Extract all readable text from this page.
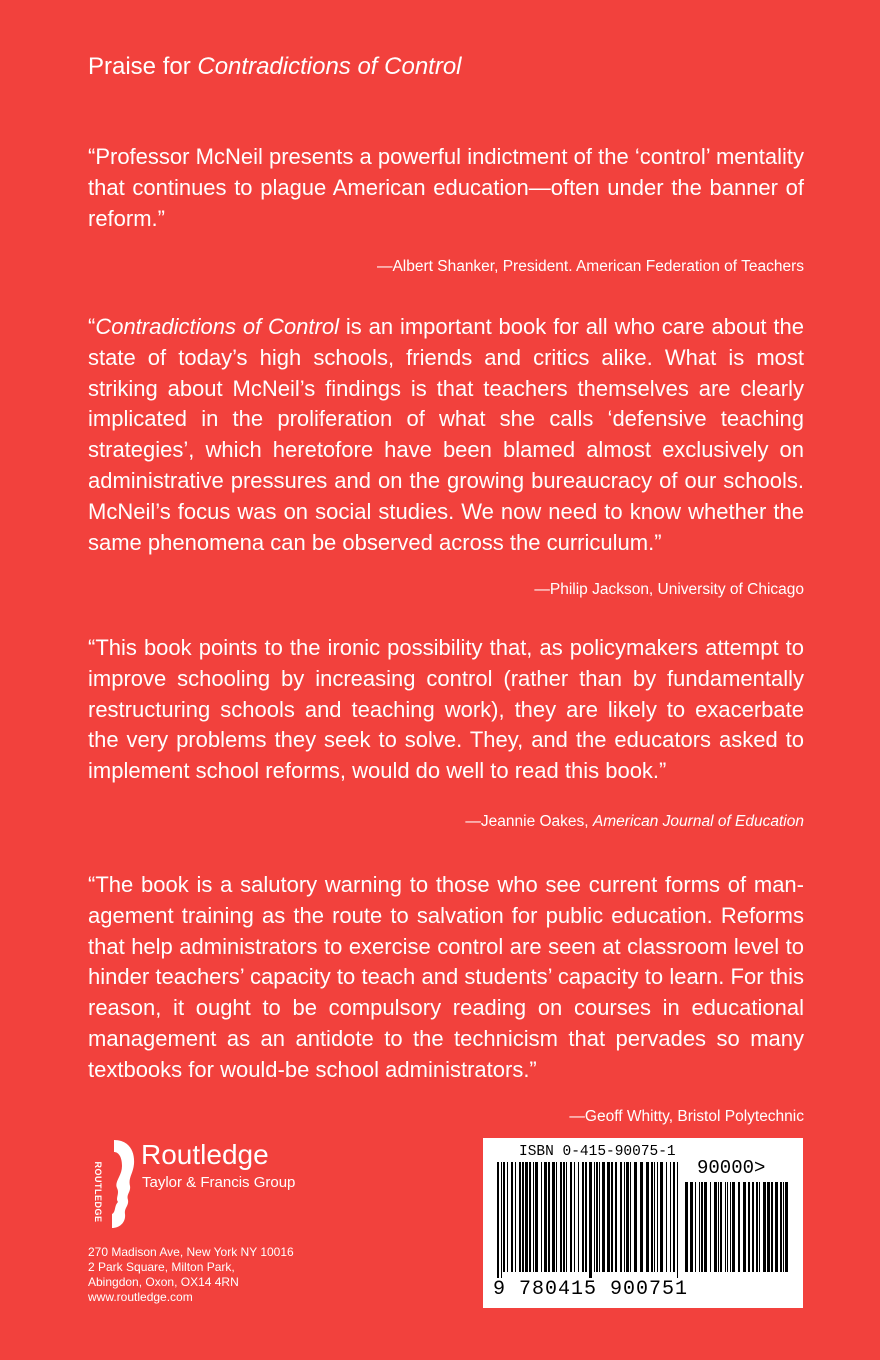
Praise for Contradictions of Control

“Professor McNeil presents a powerful indictment of the ‘control’ mentality that continues to plague American education—often under the banner of reform.”

—Albert Shanker, President. American Federation of Teachers

“Contradictions of Control is an important book for all who care about the state of today’s high schools, friends and critics alike. What is most striking about McNeil’s findings is that teachers themselves are clearly implicated in the proliferation of what she calls ‘defensive teaching strategies’, which heretofore have been blamed almost exclusively on administrative pressures and on the growing bureaucracy of our schools. McNeil’s focus was on social studies. We now need to know whether the same phenomena can be observed across the curriculum.”

—Philip Jackson, University of Chicago

“This book points to the ironic possibility that, as policymakers attempt to improve schooling by increasing control (rather than by fundamentally restructuring schools and teaching work), they are likely to exacerbate the very problems they seek to solve. They, and the educators asked to implement school reforms, would do well to read this book.”

—Jeannie Oakes, American Journal of Education

“The book is a salutory warning to those who see current forms of management training as the route to salvation for public education. Reforms that help administrators to exercise control are seen at classroom level to hinder teachers’ capacity to teach and students’ capacity to learn. For this reason, it ought to be compulsory reading on courses in educational management as an antidote to the technicism that pervades so many textbooks for would-be school administrators.”

—Geoff Whitty, Bristol Polytechnic

ROUTLEDGE
Routledge
Taylor & Francis Group
270 Madison Ave, New York NY 10016
2 Park Square, Milton Park,
Abingdon, Oxon, OX14 4RN
www.routledge.com
ISBN 0-415-90075-1
90000>
9 780415 900751
